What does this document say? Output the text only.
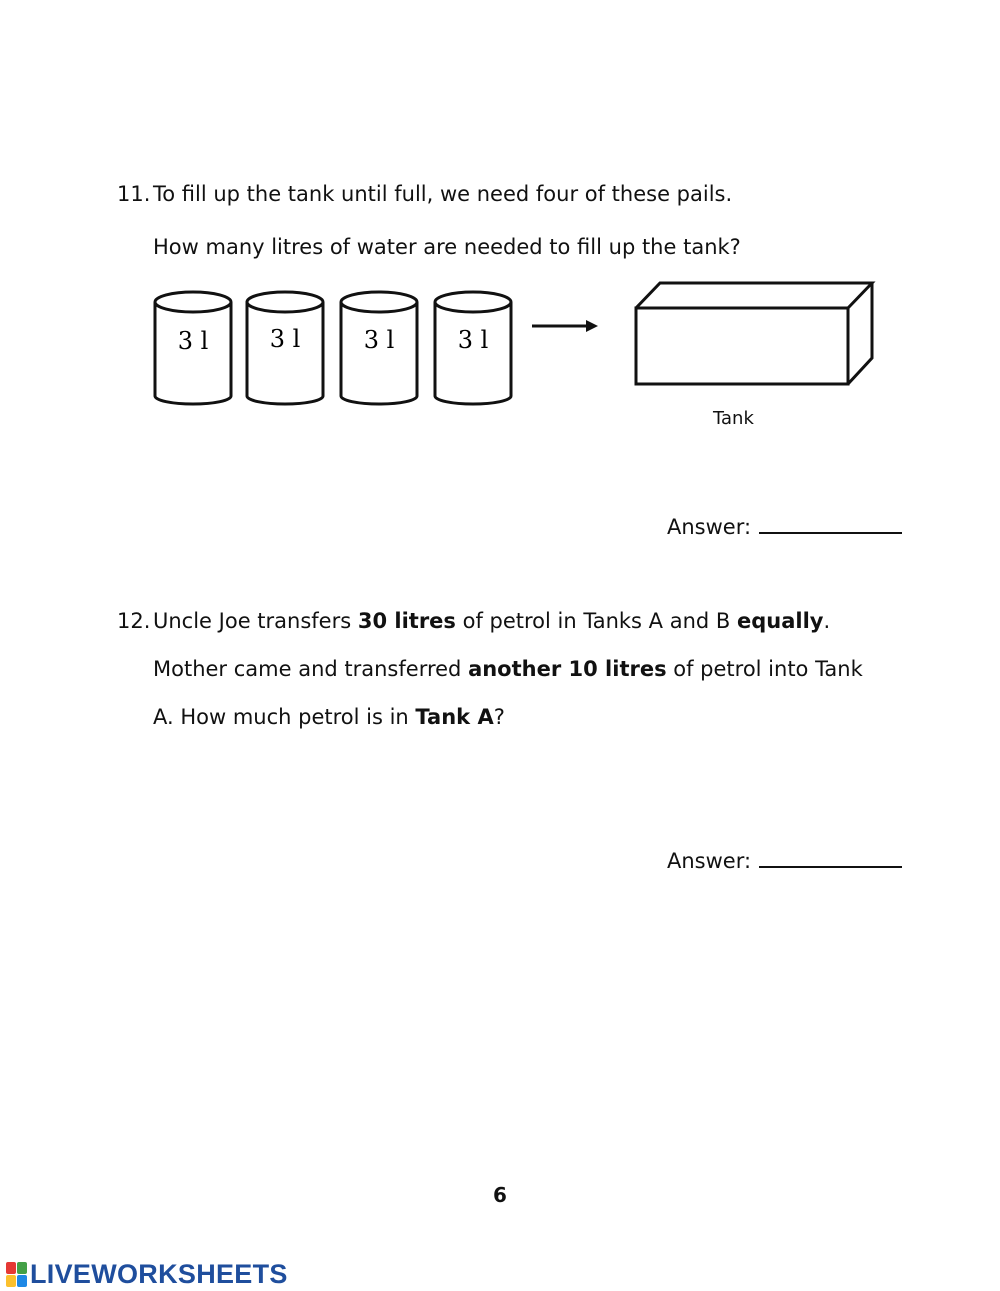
11. To fill up the tank until full, we need four of these pails.
How many litres of water are needed to fill up the tank?
3 l	3 l	3 l	3 l
Tank
Answer:
12. Uncle Joe transfers 30 litres of petrol in Tanks A and B equally.
Mother came and transferred another 10 litres of petrol into Tank
A. How much petrol is in Tank A?
Answer:
6
LIVEWORKSHEETS
